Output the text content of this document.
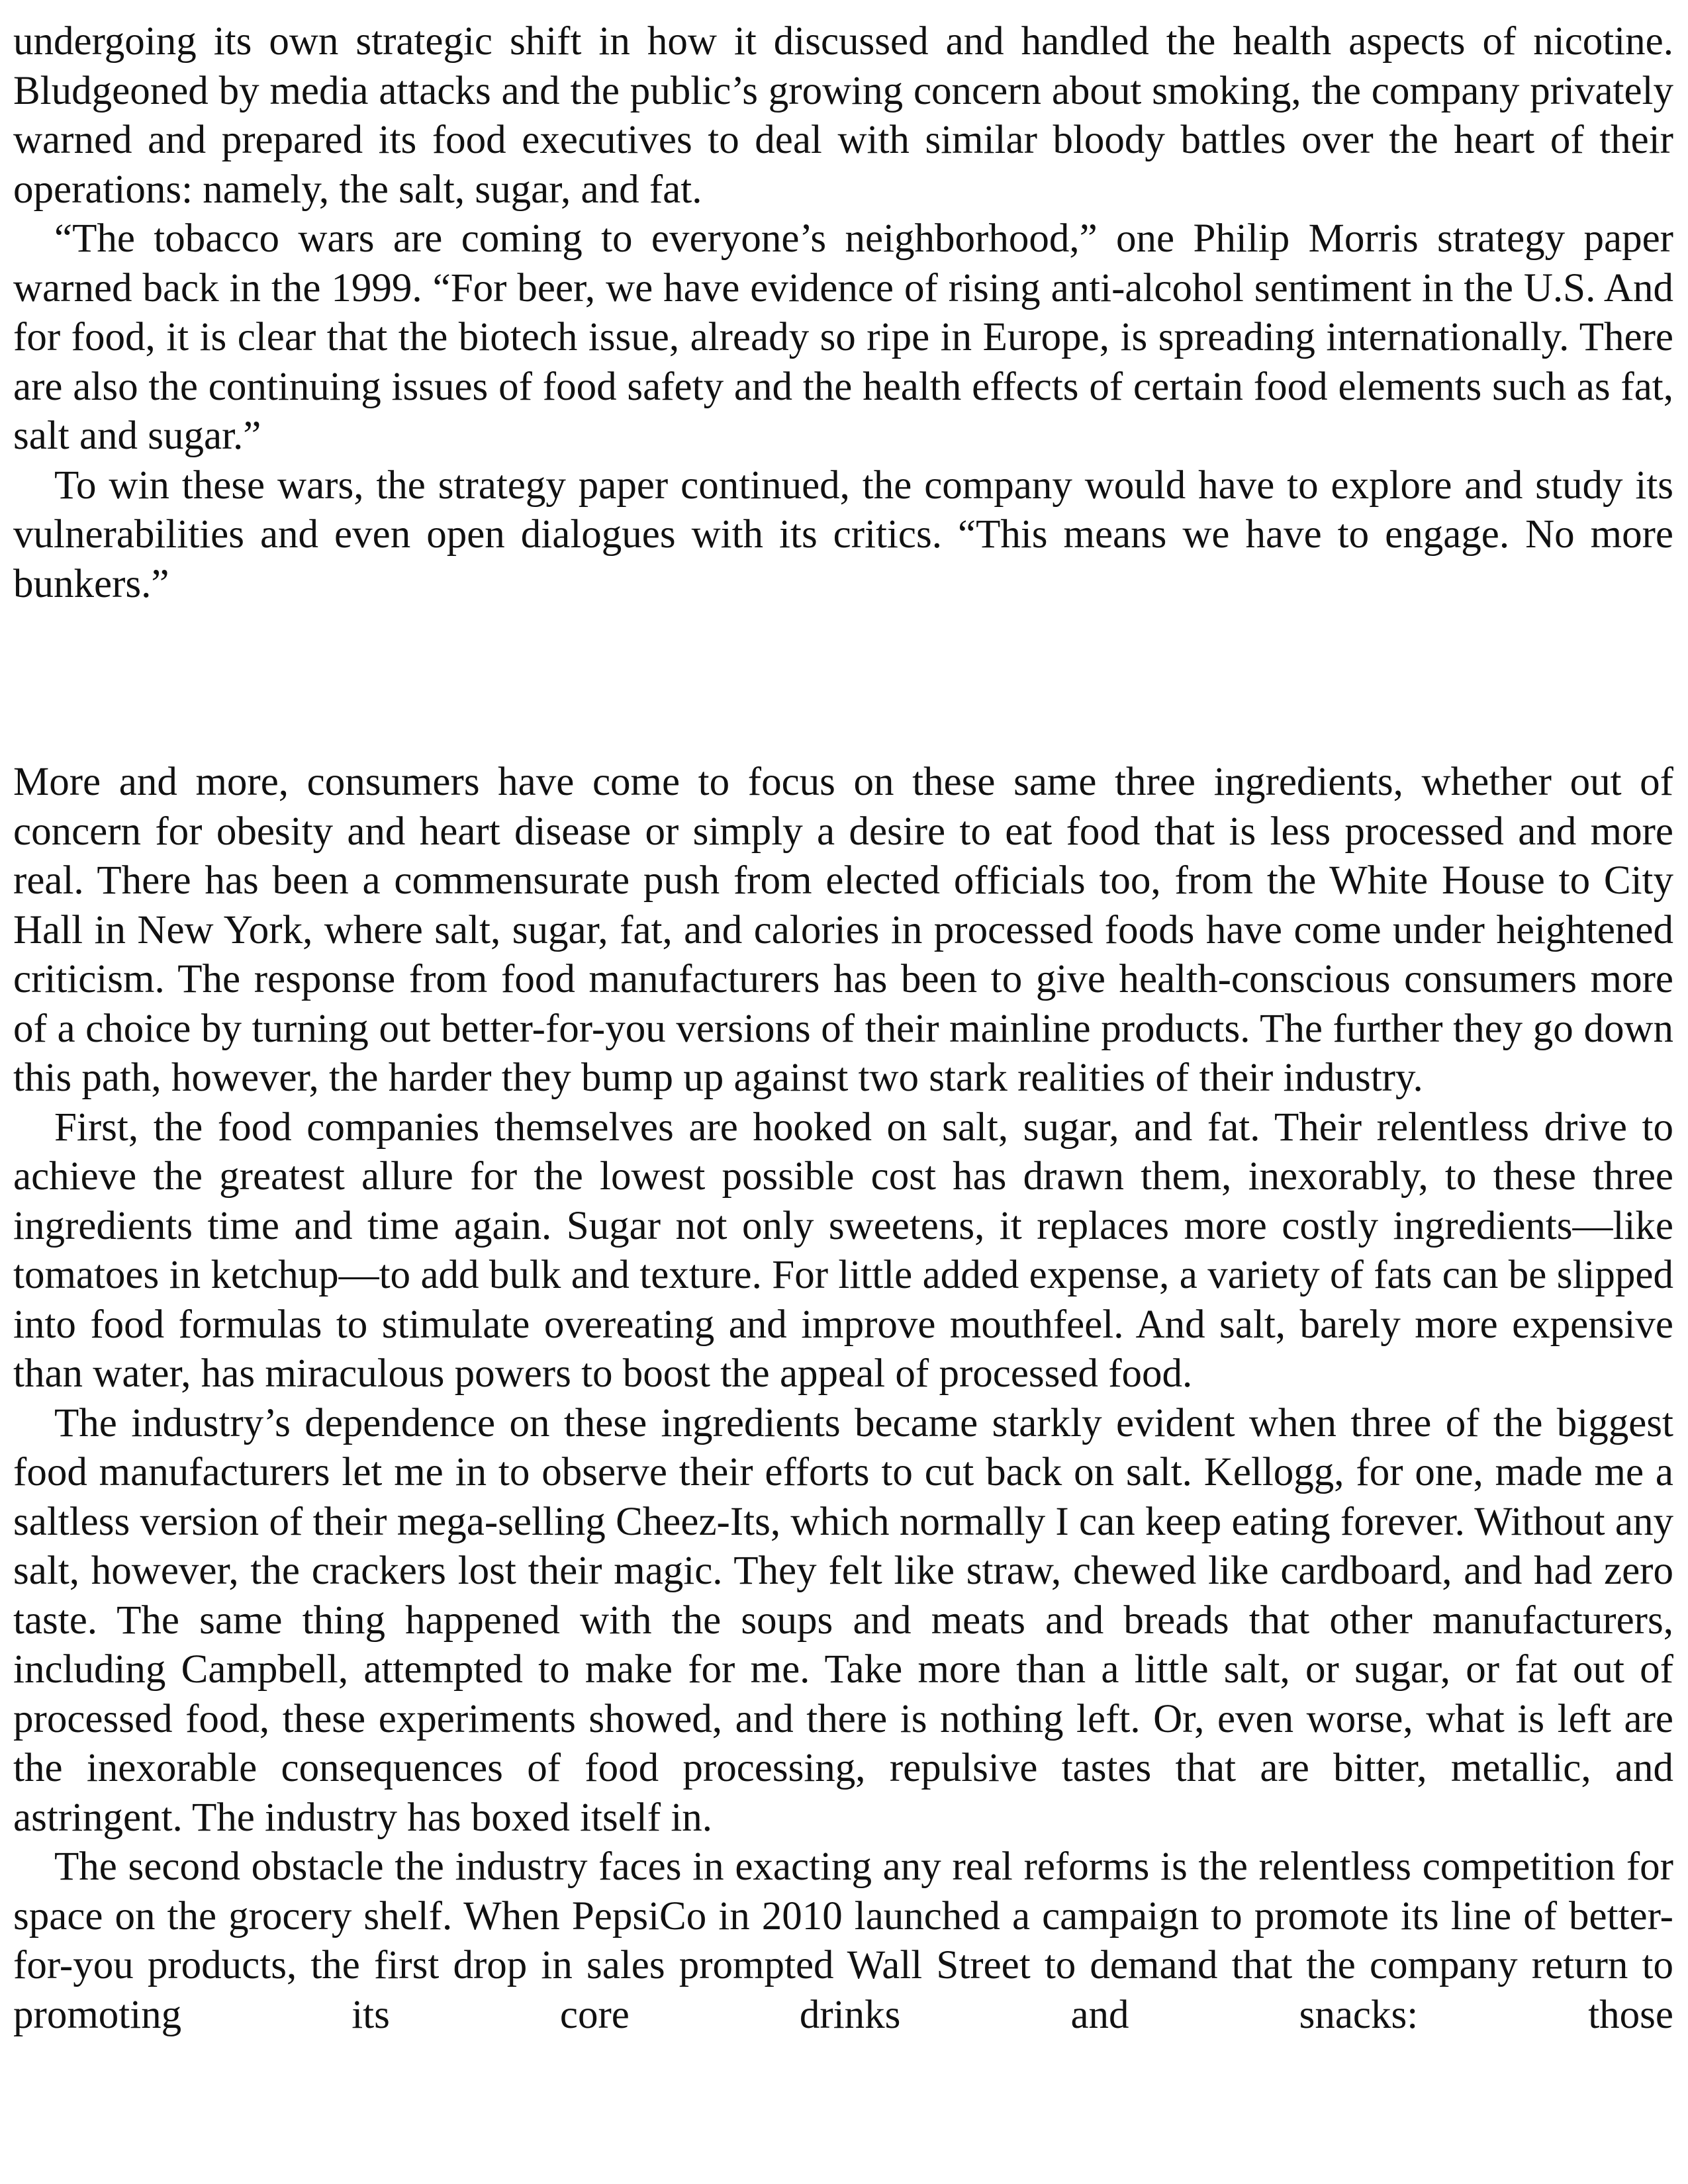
undergoing its own strategic shift in how it discussed and handled the health aspects of nicotine. Bludgeoned by media attacks and the public’s growing concern about smoking, the company privately warned and prepared its food executives to deal with similar bloody battles over the heart of their operations: namely, the salt, sugar, and fat.

“The tobacco wars are coming to everyone’s neighborhood,” one Philip Morris strategy paper warned back in the 1999. “For beer, we have evidence of rising anti-alcohol sentiment in the U.S. And for food, it is clear that the biotech issue, already so ripe in Europe, is spreading internationally. There are also the continuing issues of food safety and the health effects of certain food elements such as fat, salt and sugar.”

To win these wars, the strategy paper continued, the company would have to explore and study its vulnerabilities and even open dialogues with its critics. “This means we have to engage. No more bunkers.”

More and more, consumers have come to focus on these same three ingredients, whether out of concern for obesity and heart disease or simply a desire to eat food that is less processed and more real. There has been a commensurate push from elected officials too, from the White House to City Hall in New York, where salt, sugar, fat, and calories in processed foods have come under heightened criticism. The response from food manufacturers has been to give health-conscious consumers more of a choice by turning out better-for-you versions of their mainline products. The further they go down this path, however, the harder they bump up against two stark realities of their industry.

First, the food companies themselves are hooked on salt, sugar, and fat. Their relentless drive to achieve the greatest allure for the lowest possible cost has drawn them, inexorably, to these three ingredients time and time again. Sugar not only sweetens, it replaces more costly ingredients—like tomatoes in ketchup—to add bulk and texture. For little added expense, a variety of fats can be slipped into food formulas to stimulate overeating and improve mouthfeel. And salt, barely more expensive than water, has miraculous powers to boost the appeal of processed food.

The industry’s dependence on these ingredients became starkly evident when three of the biggest food manufacturers let me in to observe their efforts to cut back on salt. Kellogg, for one, made me a saltless version of their mega-selling Cheez-Its, which normally I can keep eating forever. Without any salt, however, the crackers lost their magic. They felt like straw, chewed like cardboard, and had zero taste. The same thing happened with the soups and meats and breads that other manufacturers, including Campbell, attempted to make for me. Take more than a little salt, or sugar, or fat out of processed food, these experiments showed, and there is nothing left. Or, even worse, what is left are the inexorable consequences of food processing, repulsive tastes that are bitter, metallic, and astringent. The industry has boxed itself in.

The second obstacle the industry faces in exacting any real reforms is the relentless competition for space on the grocery shelf. When PepsiCo in 2010 launched a campaign to promote its line of better-for-you products, the first drop in sales prompted Wall Street to demand that the company return to promoting its core drinks and snacks: those
